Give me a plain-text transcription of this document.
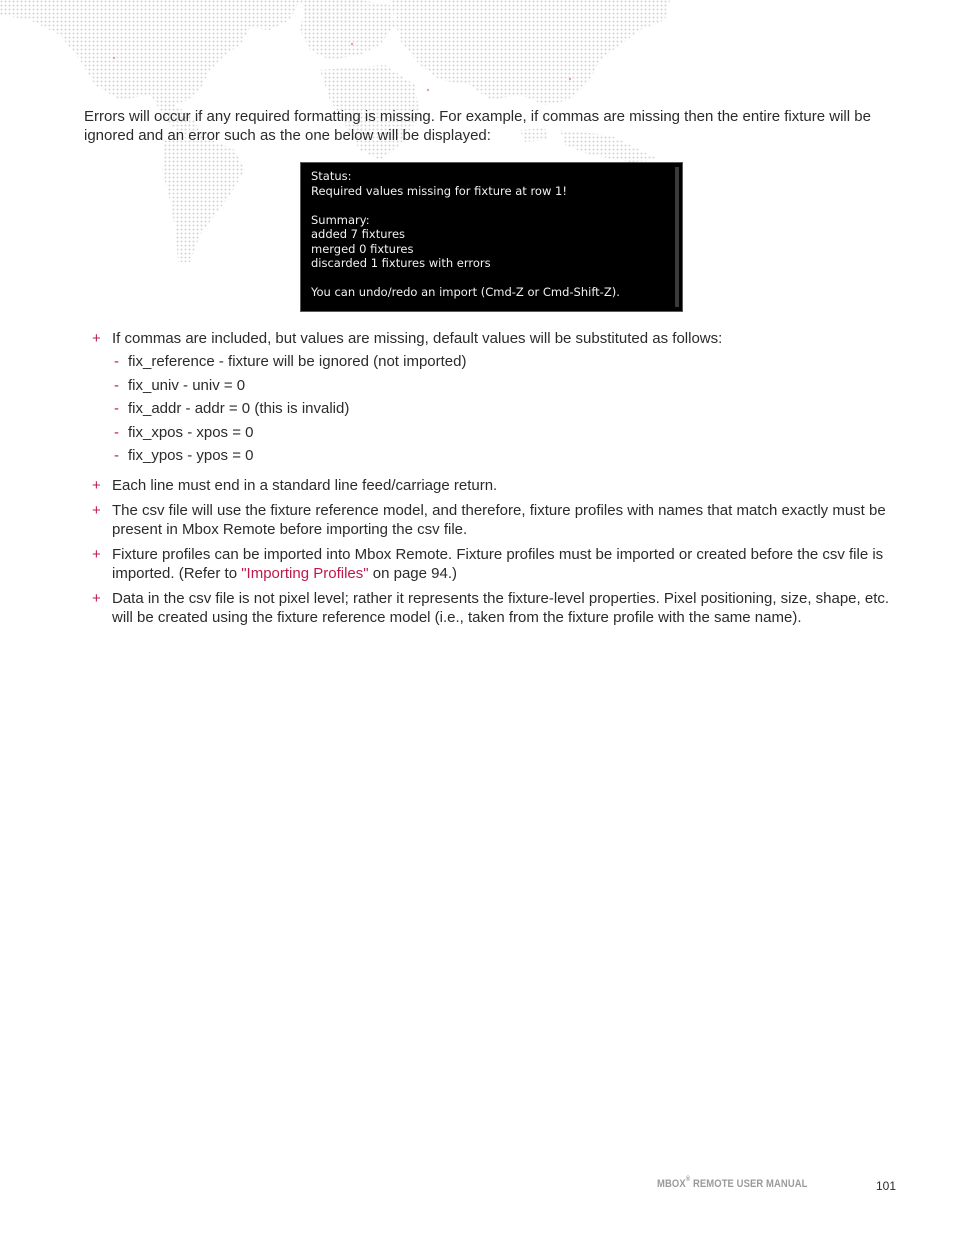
Errors will occur if any required formatting is missing. For example, if commas are missing then the entire fixture will be ignored and an error such as the one below will be displayed:

Status:
Required values missing for fixture at row 1!
Summary:
added 7 fixtures
merged 0 fixtures
discarded 1 fixtures with errors
You can undo/redo an import (Cmd-Z or Cmd-Shift-Z).
+ If commas are included, but values are missing, default values will be substituted as follows:
- fix_reference - fixture will be ignored (not imported)
- fix_univ - univ = 0
- fix_addr - addr = 0 (this is invalid)
- fix_xpos - xpos = 0
- fix_ypos - ypos = 0
+ Each line must end in a standard line feed/carriage return.
+ The csv file will use the fixture reference model, and therefore, fixture profiles with names that match exactly must be present in Mbox Remote before importing the csv file.
+ Fixture profiles can be imported into Mbox Remote. Fixture profiles must be imported or created before the csv file is imported. (Refer to "Importing Profiles" on page 94.)
+ Data in the csv file is not pixel level; rather it represents the fixture-level properties. Pixel positioning, size, shape, etc. will be created using the fixture reference model (i.e., taken from the fixture profile with the same name).
MBOX® REMOTE USER MANUAL	101
